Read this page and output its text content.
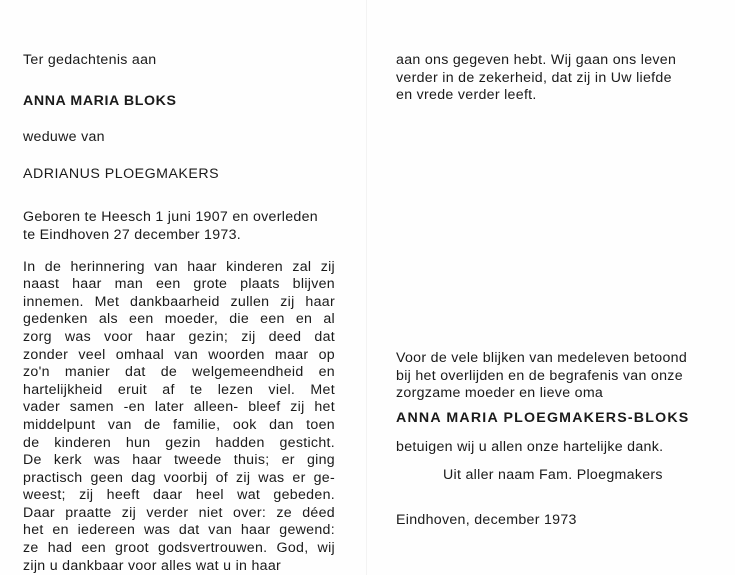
Ter gedachtenis aan
ANNA MARIA BLOKS
weduwe van
ADRIANUS PLOEGMAKERS
Geboren te Heesch 1 juni 1907 en overleden
te Eindhoven 27 december 1973.
In de herinnering van haar kinderen zal zij
naast haar man een grote plaats blijven
innemen. Met dankbaarheid zullen zij haar
gedenken als een moeder, die een en al
zorg was voor haar gezin; zij deed dat
zonder veel omhaal van woorden maar op
zo'n manier dat de welgemeendheid en
hartelijkheid eruit af te lezen viel. Met
vader samen -en later alleen- bleef zij het
middelpunt van de familie, ook dan toen
de kinderen hun gezin hadden gesticht.
De kerk was haar tweede thuis; er ging
practisch geen dag voorbij of zij was er ge-
weest; zij heeft daar heel wat gebeden.
Daar praatte zij verder niet over: ze déed
het en iedereen was dat van haar gewend:
ze had een groot godsvertrouwen. God, wij
zijn u dankbaar voor alles wat u in haar
aan ons gegeven hebt. Wij gaan ons leven
verder in de zekerheid, dat zij in Uw liefde
en vrede verder leeft.
Voor de vele blijken van medeleven betoond
bij het overlijden en de begrafenis van onze
zorgzame moeder en lieve oma
ANNA MARIA PLOEGMAKERS-BLOKS
betuigen wij u allen onze hartelijke dank.
Uit aller naam Fam. Ploegmakers
Eindhoven, december 1973
